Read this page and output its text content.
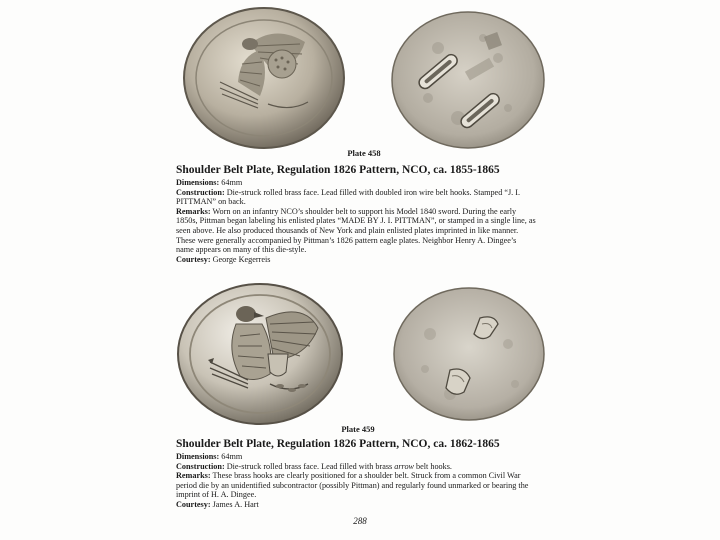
Plate 458
Shoulder Belt Plate, Regulation 1826 Pattern, NCO, ca. 1855-1865
Dimensions: 64mm
Construction: Die-struck rolled brass face. Lead filled with doubled iron wire belt hooks. Stamped “J. I.
PITTMAN” on back.
Remarks: Worn on an infantry NCO’s shoulder belt to support his Model 1840 sword. During the early
1850s, Pittman began labeling his enlisted plates “MADE BY J. I. PITTMAN”, or stamped in a single line, as
seen above. He also produced thousands of New York and plain enlisted plates imprinted in like manner.
These were generally accompanied by Pittman’s 1826 pattern eagle plates. Neighbor Henry A. Dingee’s
name appears on many of this die-style.
Courtesy: George Kegerreis
Plate 459
Shoulder Belt Plate, Regulation 1826 Pattern, NCO, ca. 1862-1865
Dimensions: 64mm
Construction: Die-struck rolled brass face. Lead filled with brass arrow belt hooks.
Remarks: These brass hooks are clearly positioned for a shoulder belt. Struck from a common Civil War
period die by an unidentified subcontractor (possibly Pittman) and regularly found unmarked or bearing the
imprint of H. A. Dingee.
Courtesy: James A. Hart
288
